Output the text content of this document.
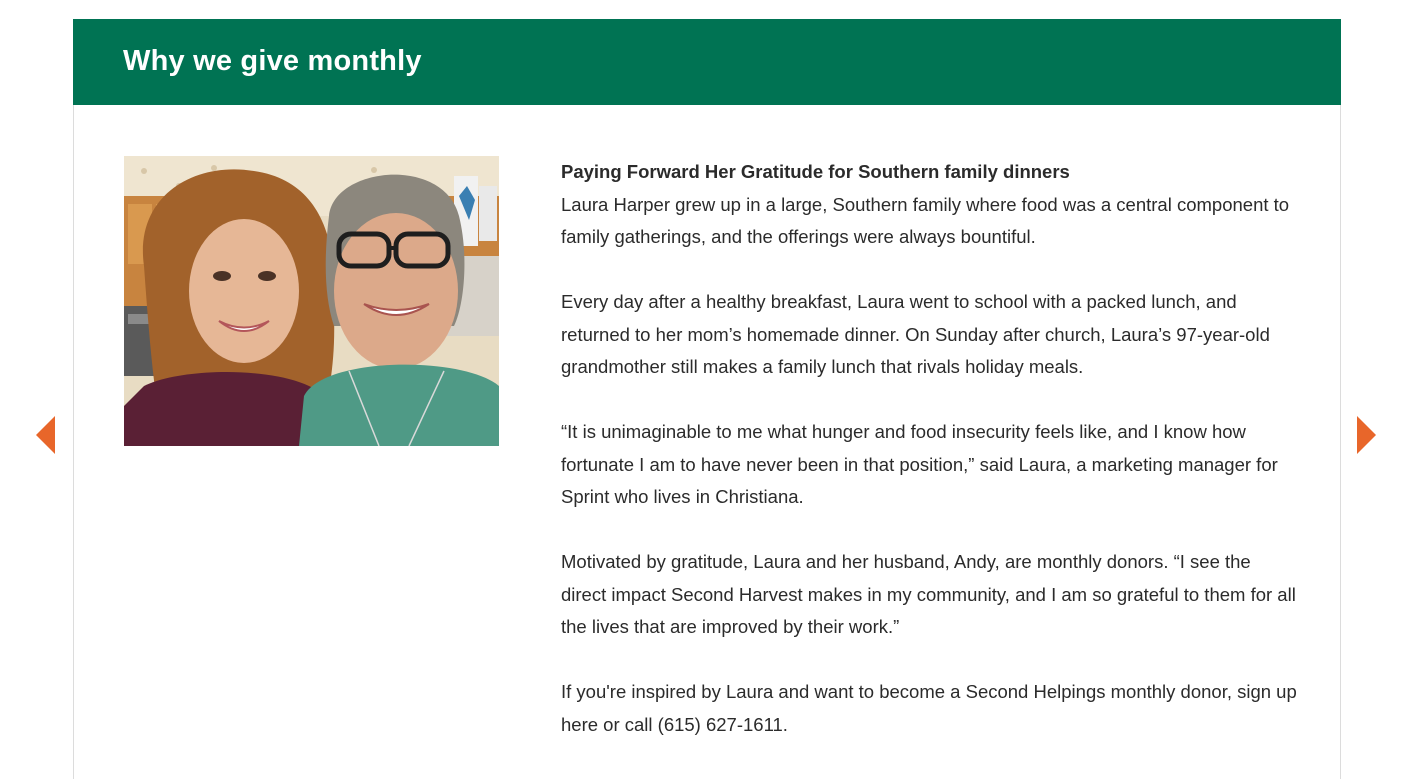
Why we give monthly

Paying Forward Her Gratitude for Southern family dinners
Laura Harper grew up in a large, Southern family where food was a central component to family gatherings, and the offerings were always bountiful.

Every day after a healthy breakfast, Laura went to school with a packed lunch, and returned to her mom’s homemade dinner. On Sunday after church, Laura’s 97-year-old grandmother still makes a family lunch that rivals holiday meals.

“It is unimaginable to me what hunger and food insecurity feels like, and I know how fortunate I am to have never been in that position,” said Laura, a marketing manager for Sprint who lives in Christiana.

Motivated by gratitude, Laura and her husband, Andy, are monthly donors. “I see the direct impact Second Harvest makes in my community, and I am so grateful to them for all the lives that are improved by their work.”

If you're inspired by Laura and want to become a Second Helpings monthly donor, sign up here or call (615) 627-1611.
